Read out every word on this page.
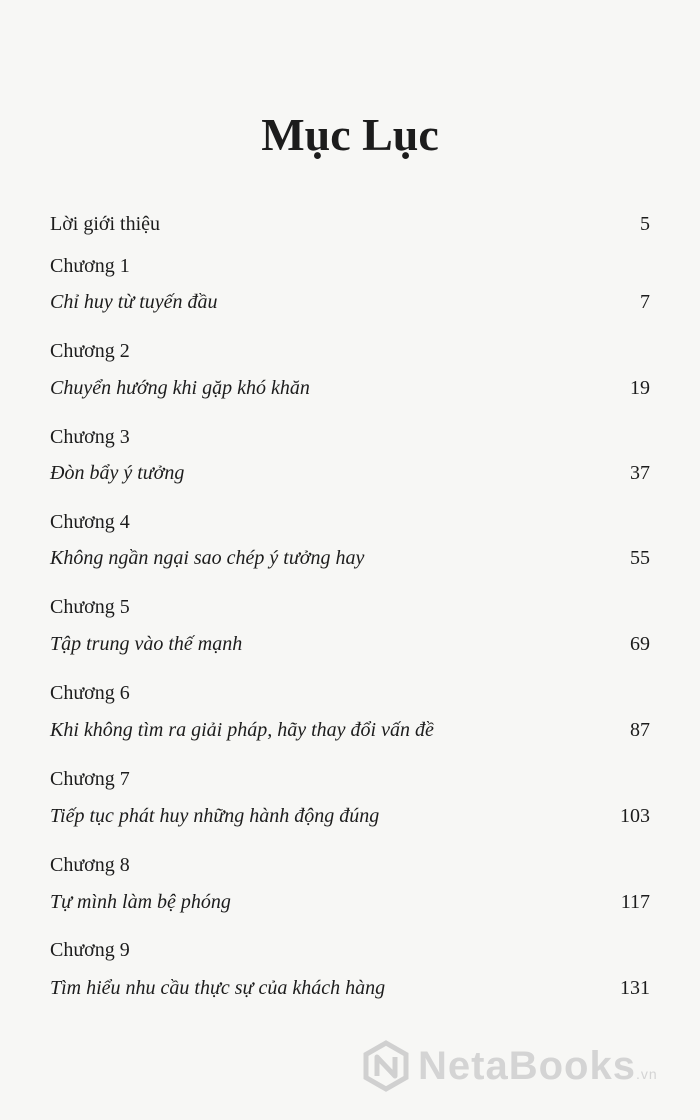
Mục Lục
Lời giới thiệu	5
Chương 1
Chỉ huy từ tuyến đầu	7
Chương 2
Chuyển hướng khi gặp khó khăn	19
Chương 3
Đòn bẩy ý tưởng	37
Chương 4
Không ngần ngại sao chép ý tưởng hay	55
Chương 5
Tập trung vào thế mạnh	69
Chương 6
Khi không tìm ra giải pháp, hãy thay đổi vấn đề	87
Chương 7
Tiếp tục phát huy những hành động đúng	103
Chương 8
Tự mình làm bệ phóng	117
Chương 9
Tìm hiểu nhu cầu thực sự của khách hàng	131
NetaBooks.vn
